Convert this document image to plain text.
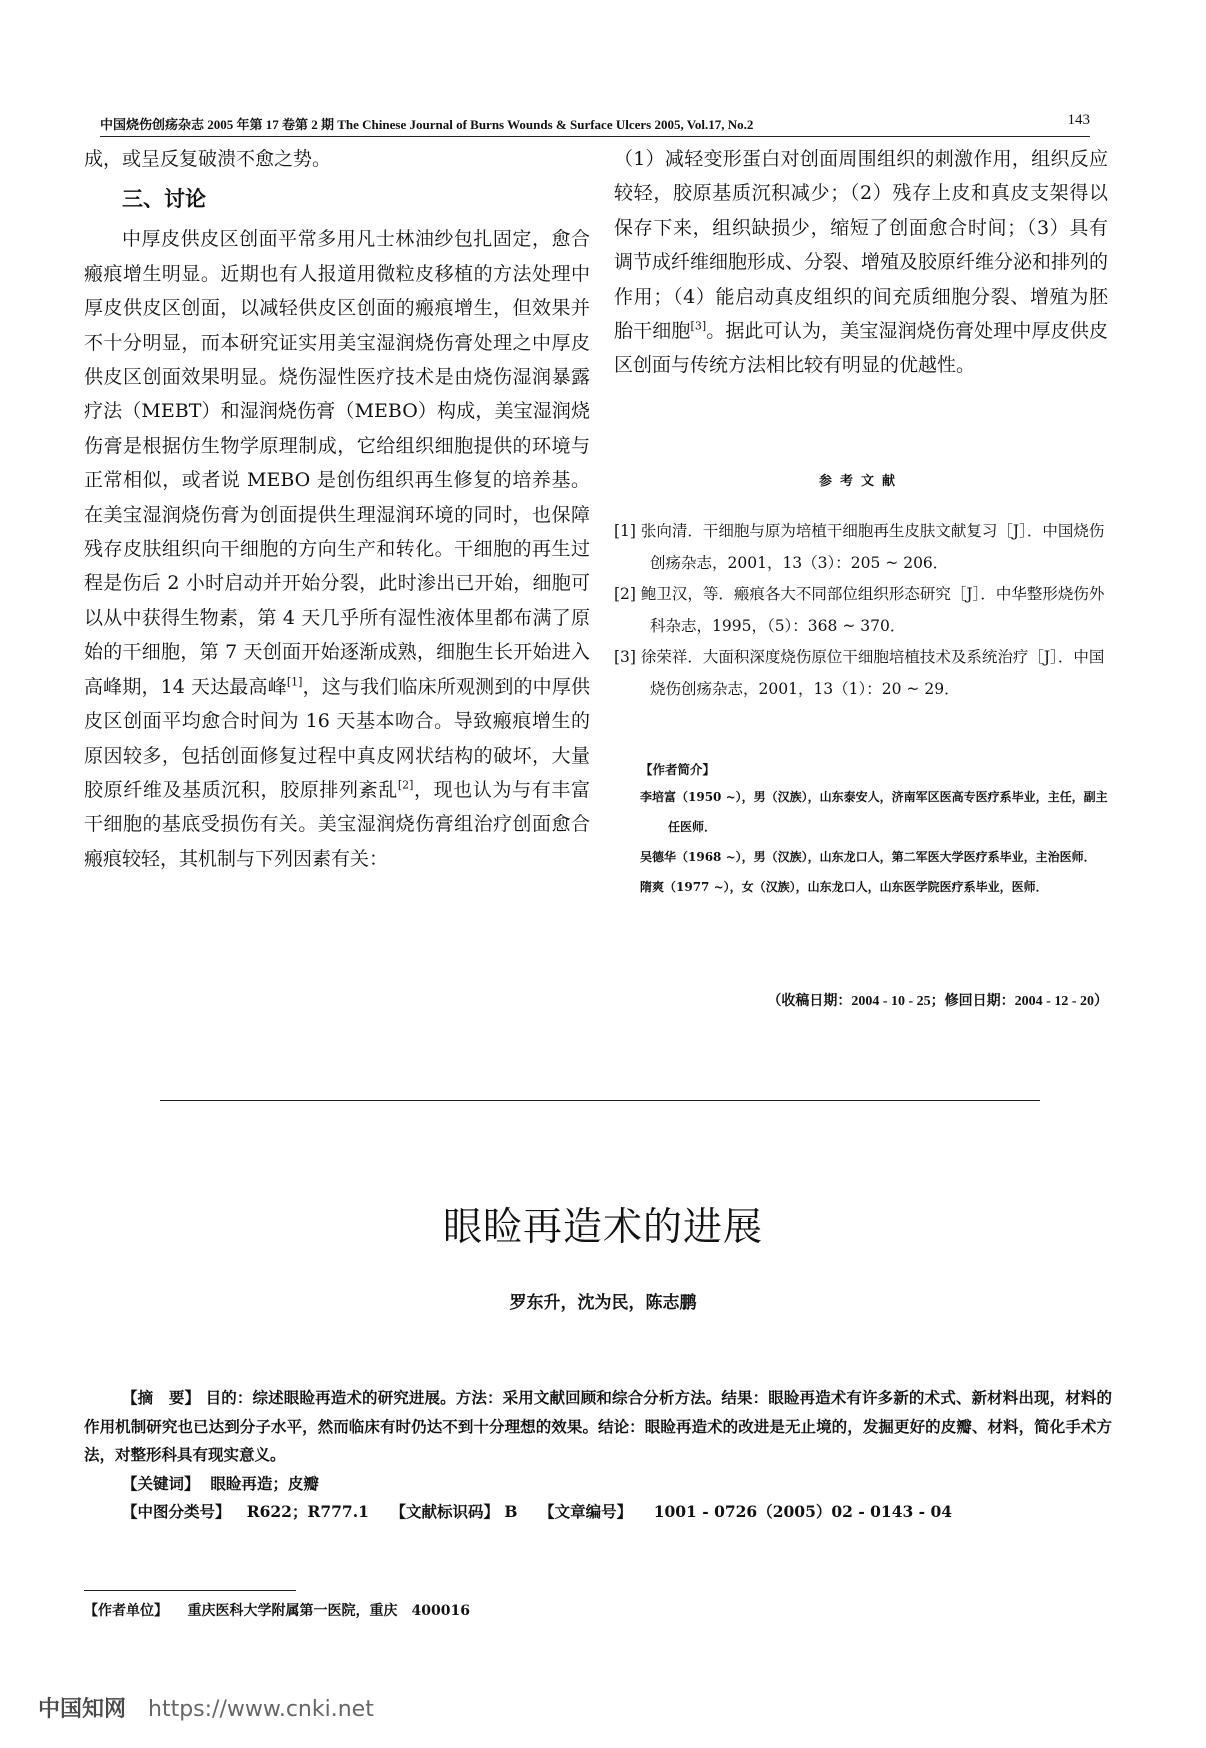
中国烧伤创疡杂志 2005 年第 17 卷第 2 期 The Chinese Journal of Burns Wounds & Surface Ulcers 2005, Vol.17, No.2	143

成，或呈反复破溃不愈之势。

三、讨论

中厚皮供皮区创面平常多用凡士林油纱包扎固定，愈合瘢痕增生明显。近期也有人报道用微粒皮移植的方法处理中厚皮供皮区创面，以减轻供皮区创面的瘢痕增生，但效果并不十分明显，而本研究证实用美宝湿润烧伤膏处理之中厚皮供皮区创面效果明显。烧伤湿性医疗技术是由烧伤湿润暴露疗法（MEBT）和湿润烧伤膏（MEBO）构成，美宝湿润烧伤膏是根据仿生物学原理制成，它给组织细胞提供的环境与正常相似，或者说 MEBO 是创伤组织再生修复的培养基。在美宝湿润烧伤膏为创面提供生理湿润环境的同时，也保障残存皮肤组织向干细胞的方向生产和转化。干细胞的再生过程是伤后 2 小时启动并开始分裂，此时渗出已开始，细胞可以从中获得生物素，第 4 天几乎所有湿性液体里都布满了原始的干细胞，第 7 天创面开始逐渐成熟，细胞生长开始进入高峰期，14 天达最高峰[1]，这与我们临床所观测到的中厚供皮区创面平均愈合时间为 16 天基本吻合。导致瘢痕增生的原因较多，包括创面修复过程中真皮网状结构的破坏，大量胶原纤维及基质沉积，胶原排列紊乱[2]，现也认为与有丰富干细胞的基底受损伤有关。美宝湿润烧伤膏组治疗创面愈合瘢痕较轻，其机制与下列因素有关：

（1）减轻变形蛋白对创面周围组织的刺激作用，组织反应较轻，胶原基质沉积减少；（2）残存上皮和真皮支架得以保存下来，组织缺损少，缩短了创面愈合时间；（3）具有调节成纤维细胞形成、分裂、增殖及胶原纤维分泌和排列的作用；（4）能启动真皮组织的间充质细胞分裂、增殖为胚胎干细胞[3]。据此可认为，美宝湿润烧伤膏处理中厚皮供皮区创面与传统方法相比较有明显的优越性。

参考文献

[1] 张向清．干细胞与原为培植干细胞再生皮肤文献复习［J］．中国烧伤创疡杂志，2001，13（3）：205 ~ 206．

[2] 鲍卫汉，等．瘢痕各大不同部位组织形态研究［J］．中华整形烧伤外科杂志，1995，（5）：368 ~ 370．

[3] 徐荣祥．大面积深度烧伤原位干细胞培植技术及系统治疗［J］．中国烧伤创疡杂志，2001，13（1）：20 ~ 29．

【作者简介】

李培富（1950 ~），男（汉族），山东泰安人，济南军区医高专医疗系毕业，主任，副主任医师．

吴德华（1968 ~），男（汉族），山东龙口人，第二军医大学医疗系毕业，主治医师．

隋爽（1977 ~），女（汉族），山东龙口人，山东医学院医疗系毕业，医师．

（收稿日期：2004 - 10 - 25；修回日期：2004 - 12 - 20）
眼睑再造术的进展
罗东升，沈为民，陈志鹏

【摘　要】 目的：综述眼睑再造术的研究进展。方法：采用文献回顾和综合分析方法。结果：眼睑再造术有许多新的术式、新材料出现，材料的作用机制研究也已达到分子水平，然而临床有时仍达不到十分理想的效果。结论：眼睑再造术的改进是无止境的，发掘更好的皮瓣、材料，简化手术方法，对整形科具有现实意义。

【关键词】 眼睑再造；皮瓣

【中图分类号】 R622；R777.1 【文献标识码】 B 【文章编号】 1001 - 0726（2005）02 - 0143 - 04

【作者单位】 重庆医科大学附属第一医院，重庆　400016
中国知网 https://www.cnki.net
